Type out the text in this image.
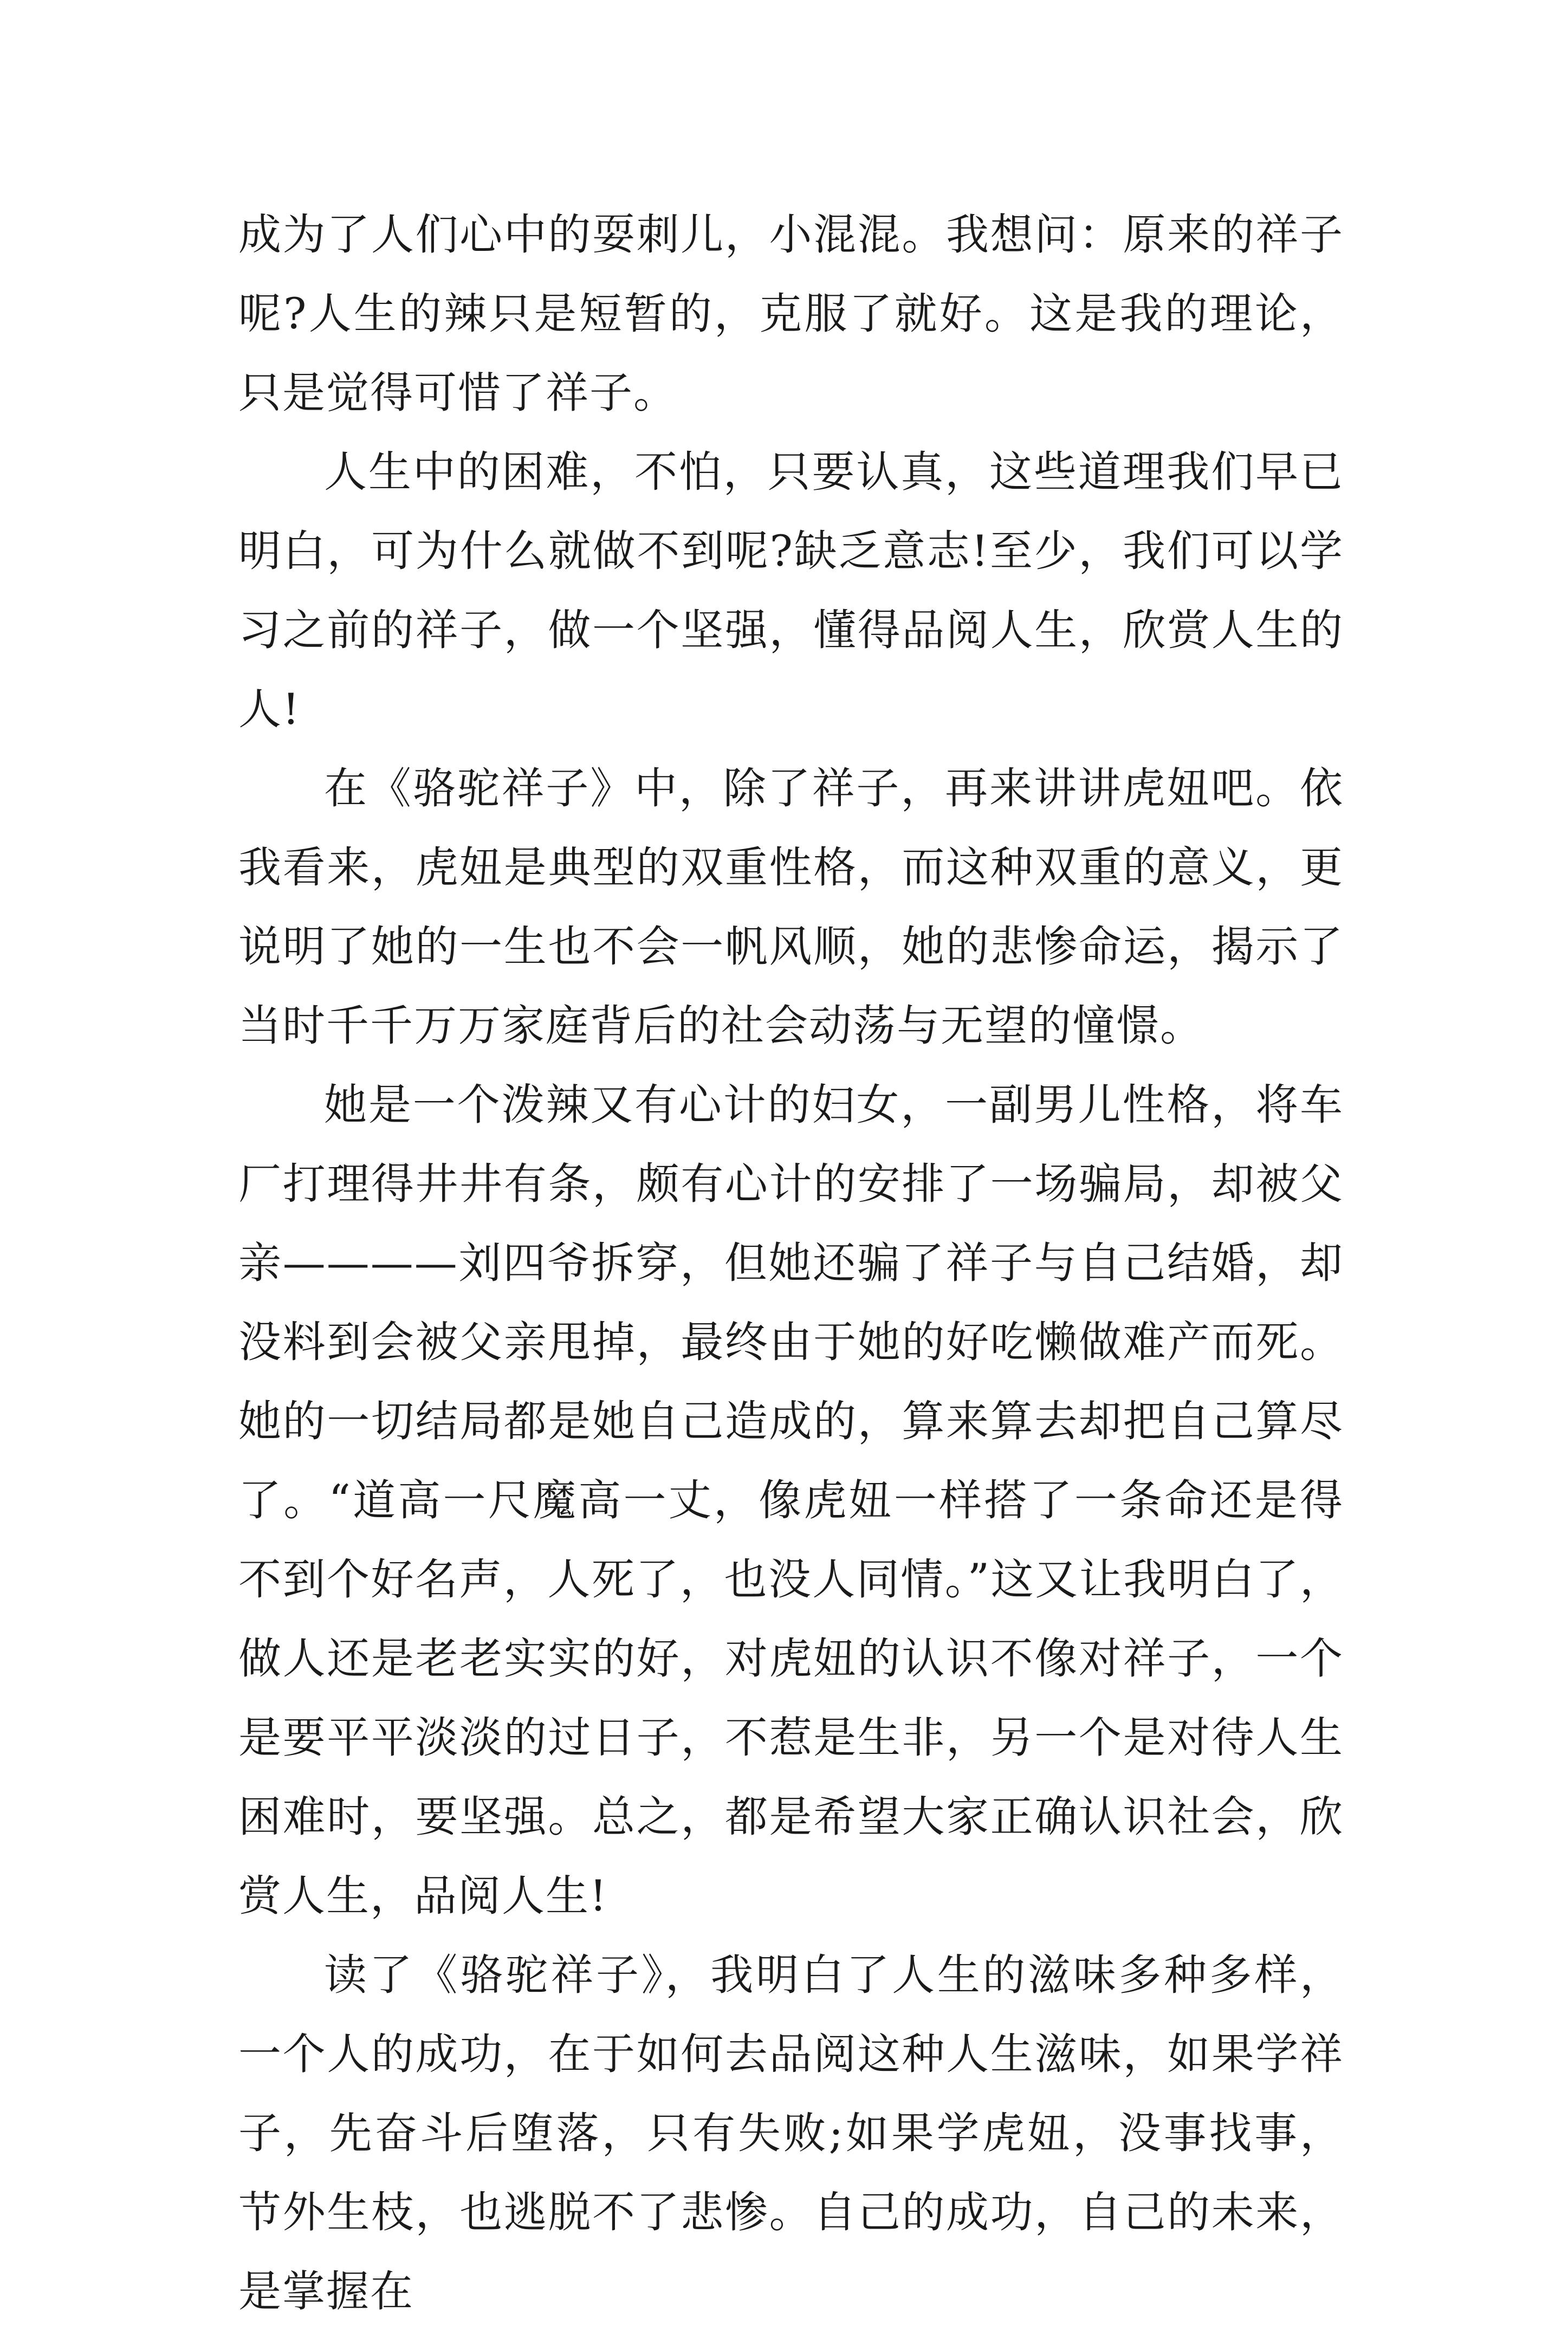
成为了人们心中的耍刺儿，小混混。我想问：原来的祥子呢?人生的辣只是短暂的，克服了就好。这是我的理论，只是觉得可惜了祥子。

人生中的困难，不怕，只要认真，这些道理我们早已明白，可为什么就做不到呢?缺乏意志!至少，我们可以学习之前的祥子，做一个坚强，懂得品阅人生，欣赏人生的人!

在《骆驼祥子》中，除了祥子，再来讲讲虎妞吧。依我看来，虎妞是典型的双重性格，而这种双重的意义，更说明了她的一生也不会一帆风顺，她的悲惨命运，揭示了当时千千万万家庭背后的社会动荡与无望的憧憬。

她是一个泼辣又有心计的妇女，一副男儿性格，将车厂打理得井井有条，颇有心计的安排了一场骗局，却被父亲————刘四爷拆穿，但她还骗了祥子与自己结婚，却没料到会被父亲甩掉，最终由于她的好吃懒做难产而死。她的一切结局都是她自己造成的，算来算去却把自己算尽了。“道高一尺魔高一丈，像虎妞一样搭了一条命还是得不到个好名声，人死了，也没人同情。”这又让我明白了，做人还是老老实实的好，对虎妞的认识不像对祥子，一个是要平平淡淡的过日子，不惹是生非，另一个是对待人生困难时，要坚强。总之，都是希望大家正确认识社会，欣赏人生，品阅人生!

读了《骆驼祥子》，我明白了人生的滋味多种多样，一个人的成功，在于如何去品阅这种人生滋味，如果学祥子，先奋斗后堕落，只有失败;如果学虎妞，没事找事，节外生枝，也逃脱不了悲惨。自己的成功，自己的未来，是掌握在
